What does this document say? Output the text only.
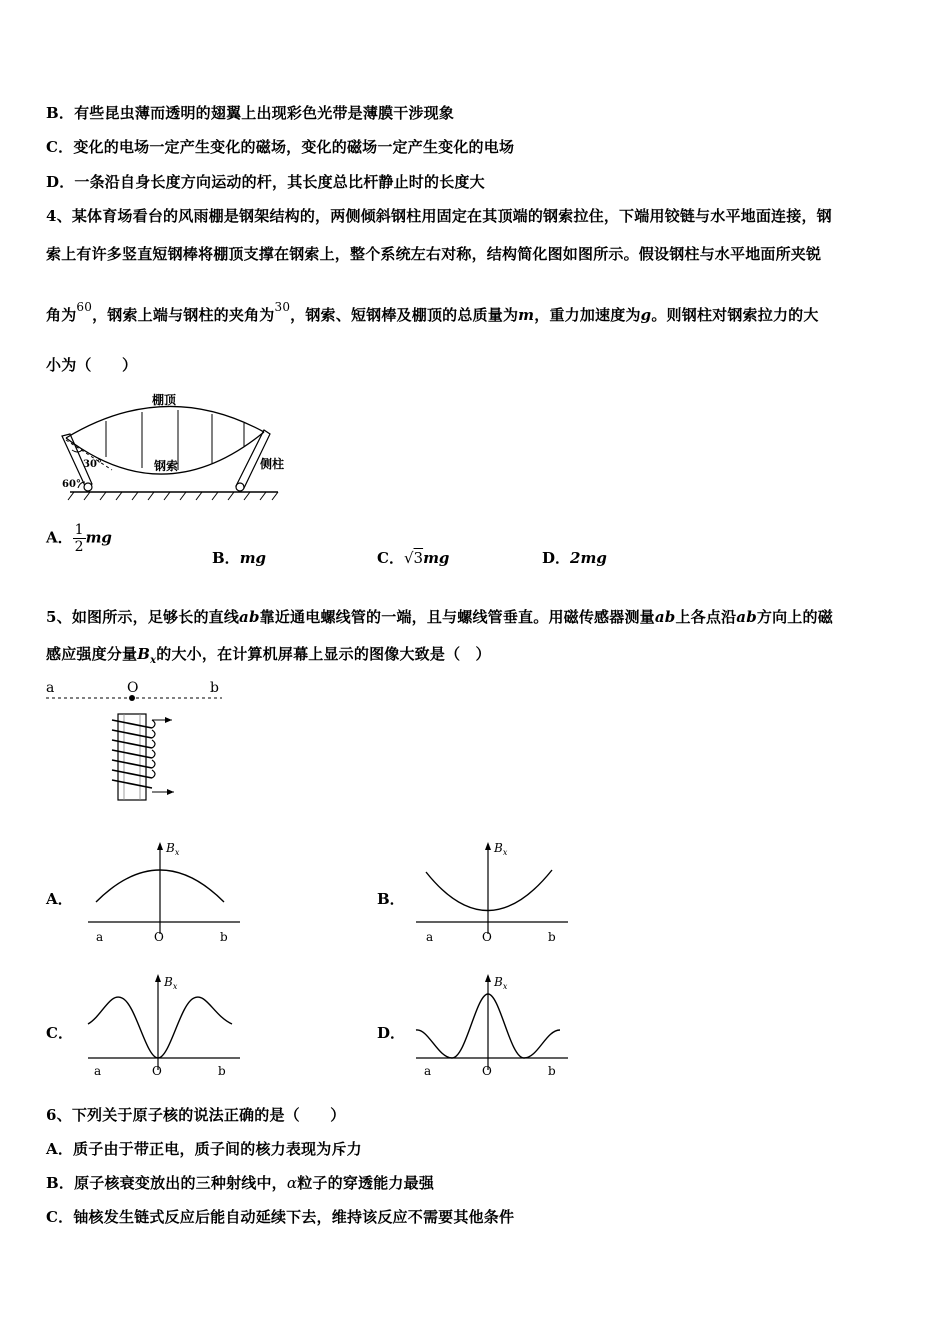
B．有些昆虫薄而透明的翅翼上出现彩色光带是薄膜干涉现象
C．变化的电场一定产生变化的磁场，变化的磁场一定产生变化的电场
D．一条沿自身长度方向运动的杆，其长度总比杆静止时的长度大
4、某体育场看台的风雨棚是钢架结构的，两侧倾斜钢柱用固定在其顶端的钢索拉住，下端用铰链与水平地面连接，钢
索上有许多竖直短钢棒将棚顶支撑在钢索上，整个系统左右对称，结构简化图如图所示。假设钢柱与水平地面所夹锐
角为$^{60}$，钢索上端与钢柱的夹角为$^{30}$，钢索、短钢棒及棚顶的总质量为m，重力加速度为g。则钢柱对钢索拉力的大
小为（　　）
棚顶
钢索	侧柱
30°
60°
A． $\frac{1}{2}mg$
B．mg	C．√3mg	D．2mg
5、如图所示，足够长的直线ab靠近通电螺线管的一端，且与螺线管垂直。用磁传感器测量ab上各点沿ab方向上的磁
感应强度分量$B_x$的大小，在计算机屏幕上显示的图像大致是（　）
a	O	b
A．
$B_x$
a	O	b
B．
$B_x$
a	O	b
C．
$B_x$
a	O	b
D．
$B_x$
a	O	b
6、下列关于原子核的说法正确的是（　　）
A．质子由于带正电，质子间的核力表现为斥力
B．原子核衰变放出的三种射线中，α粒子的穿透能力最强
C．铀核发生链式反应后能自动延续下去，维持该反应不需要其他条件
